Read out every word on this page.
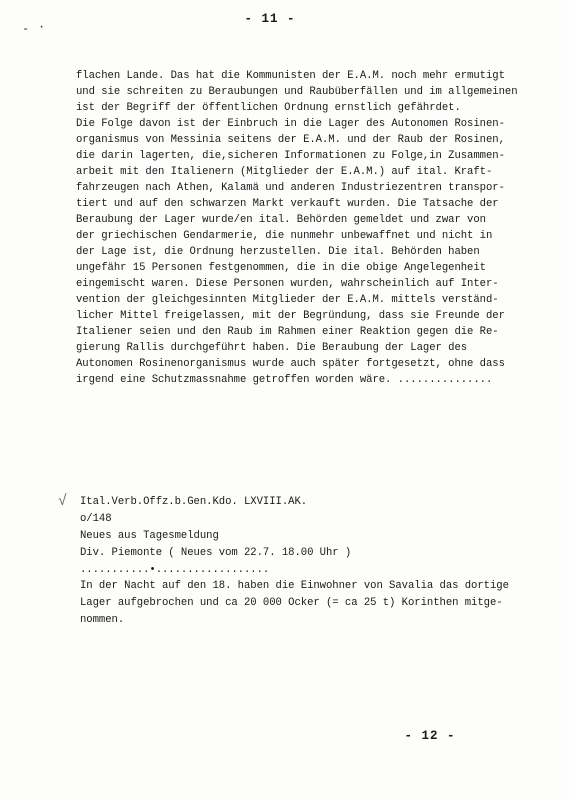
- ·
- 11 -
flachen Lande. Das hat die Kommunisten der E.A.M. noch mehr ermutigt
und sie schreiten zu Beraubungen und Raubüberfällen und im allgemeinen
ist der Begriff der öffentlichen Ordnung ernstlich gefährdet.
Die Folge davon ist der Einbruch in die Lager des Autonomen Rosinen-
organismus von Messinia seitens der E.A.M. und der Raub der Rosinen,
die darin lagerten, die,sicheren Informationen zu Folge,in Zusammen-
arbeit mit den Italienern (Mitglieder der E.A.M.) auf ital. Kraft-
fahrzeugen nach Athen, Kalamä und anderen Industriezentren transpor-
tiert und auf den schwarzen Markt verkauft wurden. Die Tatsache der
Beraubung der Lager wurde/en ital. Behörden gemeldet und zwar von
der griechischen Gendarmerie, die nunmehr unbewaffnet und nicht in
der Lage ist, die Ordnung herzustellen. Die ital. Behörden haben
ungefähr 15 Personen festgenommen, die in die obige Angelegenheit
eingemischt waren. Diese Personen wurden, wahrscheinlich auf Inter-
vention der gleichgesinnten Mitglieder der E.A.M. mittels verständ-
licher Mittel freigelassen, mit der Begründung, dass sie Freunde der
Italiener seien und den Raub im Rahmen einer Reaktion gegen die Re-
gierung Rallis durchgeführt haben. Die Beraubung der Lager des
Autonomen Rosinenorganismus wurde auch später fortgesetzt, ohne dass
irgend eine Schutzmassnahme getroffen worden wäre. ...............
√ Ital.Verb.Offz.b.Gen.Kdo. LXVIII.AK.
o/148
Neues aus Tagesmeldung
Div. Piemonte ( Neues vom 22.7. 18.00 Uhr )
...........•..................
In der Nacht auf den 18. haben die Einwohner von Savalia das dortige
Lager aufgebrochen und ca 20 000 Ocker (= ca 25 t) Korinthen mitge-
nommen.
- 12 -
